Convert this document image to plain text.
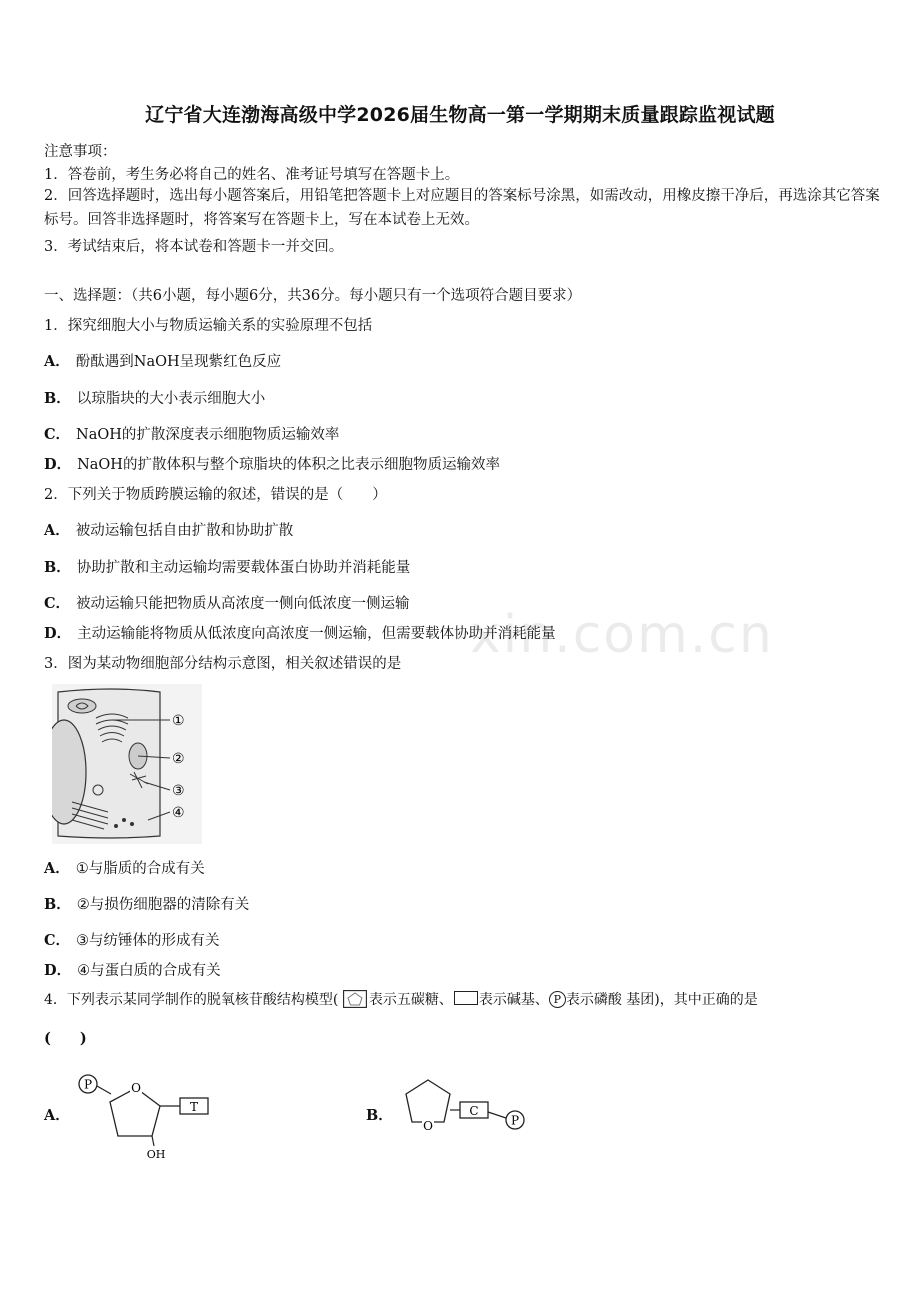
辽宁省大连渤海高级中学2026届生物高一第一学期期末质量跟踪监视试题
注意事项：
1．答卷前，考生务必将自己的姓名、准考证号填写在答题卡上。
2．回答选择题时，选出每小题答案后，用铅笔把答题卡上对应题目的答案标号涂黑，如需改动，用橡皮擦干净后，再选涂其它答案标号。回答非选择题时，将答案写在答题卡上，写在本试卷上无效。
3．考试结束后，将本试卷和答题卡一并交回。
一、选择题：（共6小题，每小题6分，共36分。每小题只有一个选项符合题目要求）
1．探究细胞大小与物质运输关系的实验原理不包括
A． 酚酞遇到NaOH呈现紫红色反应
B． 以琼脂块的大小表示细胞大小
C． NaOH的扩散深度表示细胞物质运输效率
D． NaOH的扩散体积与整个琼脂块的体积之比表示细胞物质运输效率
2．下列关于物质跨膜运输的叙述，错误的是（　　）
A． 被动运输包括自由扩散和协助扩散
B． 协助扩散和主动运输均需要载体蛋白协助并消耗能量
C． 被动运输只能把物质从高浓度一侧向低浓度一侧运输
D． 主动运输能将物质从低浓度向高浓度一侧运输，但需要载体协助并消耗能量
xin.com.cn
3．图为某动物细胞部分结构示意图，相关叙述错误的是
①
②
③
④
A． ①与脂质的合成有关
B． ②与损伤细胞器的清除有关
C． ③与纺锤体的形成有关
D． ④与蛋白质的合成有关
4．下列表示某同学制作的脱氧核苷酸结构模型( 表示五碳糖、 表示碱基、 P 表示磷酸 基团)，其中正确的是
(　　)
A．
P	O
T
OH
B．
O
C
P
